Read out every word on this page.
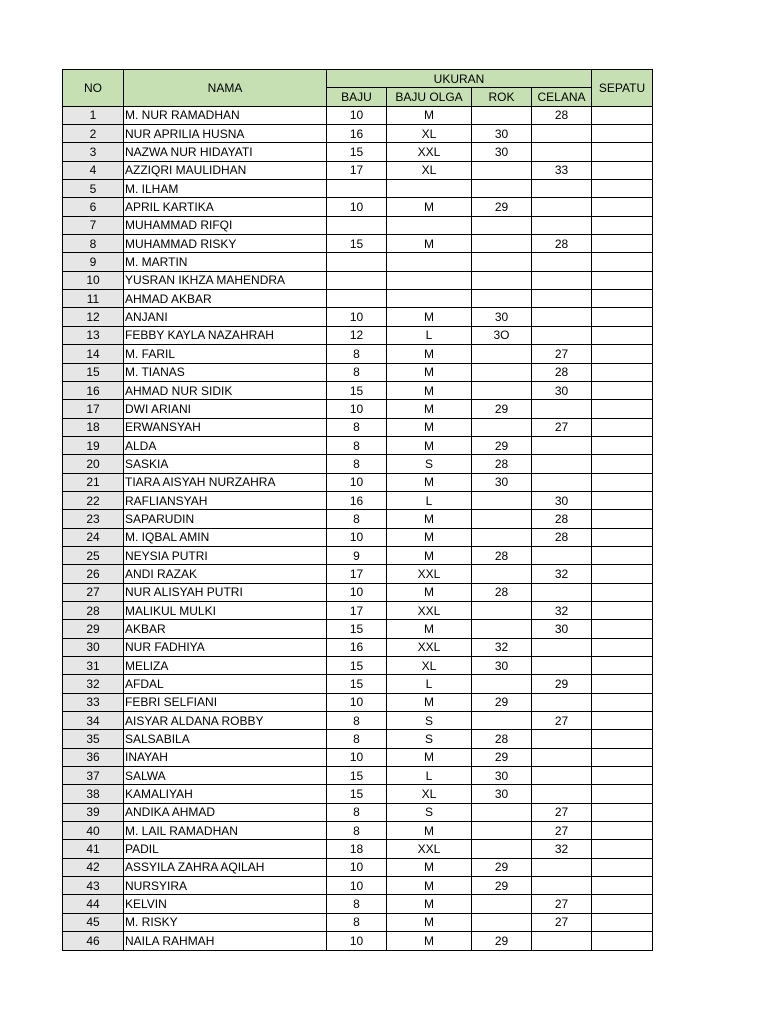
NO	NAMA	UKURAN				SEPATU
		BAJU	BAJU OLGA	ROK	CELANA	
1	M. NUR RAMADHAN	10	M		28	
2	NUR APRILIA HUSNA	16	XL	30		
3	NAZWA NUR HIDAYATI	15	XXL	30		
4	AZZIQRI MAULIDHAN	17	XL		33	
5	M. ILHAM					
6	APRIL KARTIKA	10	M	29		
7	MUHAMMAD RIFQI					
8	MUHAMMAD RISKY	15	M		28	
9	M. MARTIN					
10	YUSRAN IKHZA MAHENDRA					
11	AHMAD AKBAR					
12	ANJANI	10	M	30		
13	FEBBY KAYLA NAZAHRAH	12	L	3O		
14	M. FARIL	8	M		27	
15	M. TIANAS	8	M		28	
16	AHMAD NUR SIDIK	15	M		30	
17	DWI ARIANI	10	M	29		
18	ERWANSYAH	8	M		27	
19	ALDA	8	M	29		
20	SASKIA	8	S	28		
21	TIARA AISYAH NURZAHRA	10	M	30		
22	RAFLIANSYAH	16	L		30	
23	SAPARUDIN	8	M		28	
24	M. IQBAL AMIN	10	M		28	
25	NEYSIA PUTRI	9	M	28		
26	ANDI RAZAK	17	XXL		32	
27	NUR ALISYAH PUTRI	10	M	28		
28	MALIKUL MULKI	17	XXL		32	
29	AKBAR	15	M		30	
30	NUR FADHIYA	16	XXL	32		
31	MELIZA	15	XL	30		
32	AFDAL	15	L		29	
33	FEBRI SELFIANI	10	M	29		
34	AISYAR ALDANA ROBBY	8	S		27	
35	SALSABILA	8	S	28		
36	INAYAH	10	M	29		
37	SALWA	15	L	30		
38	KAMALIYAH	15	XL	30		
39	ANDIKA AHMAD	8	S		27	
40	M. LAIL RAMADHAN	8	M		27	
41	PADIL	18	XXL		32	
42	ASSYILA ZAHRA AQILAH	10	M	29		
43	NURSYIRA	10	M	29		
44	KELVIN	8	M		27	
45	M. RISKY	8	M		27	
46	NAILA RAHMAH	10	M	29		
